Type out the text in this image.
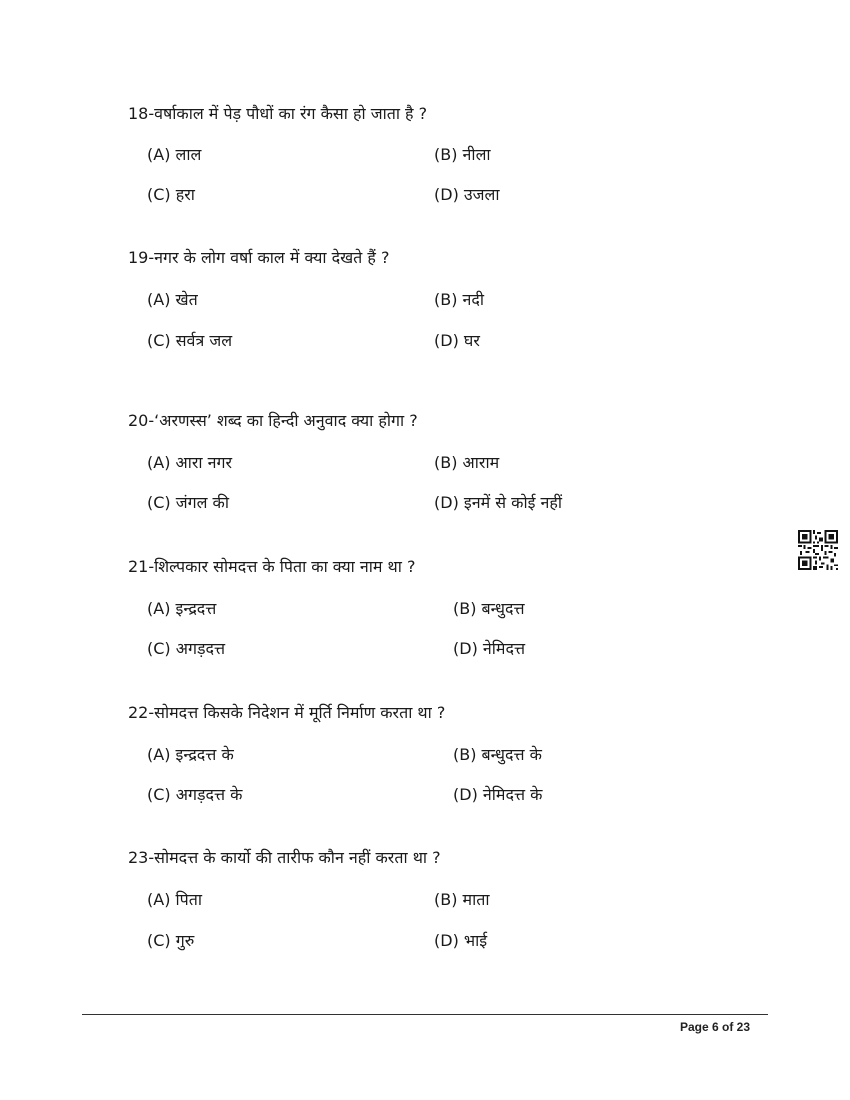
18-वर्षाकाल में पेड़ पौधों का रंग कैसा हो जाता है ?
(A) लाल	(B) नीला
(C) हरा	(D) उजला
19-नगर के लोग वर्षा काल में क्या देखते हैं ?
(A) खेत	(B) नदी
(C) सर्वत्र जल	(D) घर
20-‘अरणस्स’ शब्द का हिन्दी अनुवाद क्या होगा ?
(A) आरा नगर	(B) आराम
(C) जंगल की	(D) इनमें से कोई नहीं
21-शिल्पकार सोमदत्त के पिता का क्या नाम था ?
(A) इन्द्रदत्त	(B) बन्धुदत्त
(C) अगड़दत्त	(D) नेमिदत्त
22-सोमदत्त किसके निदेशन में मूर्ति निर्माण करता था ?
(A) इन्द्रदत्त के	(B) बन्धुदत्त के
(C) अगड़दत्त के	(D) नेमिदत्त के
23-सोमदत्त के कार्यो की तारीफ कौन नहीं करता था ?
(A) पिता	(B) माता
(C) गुरु	(D) भाई
Page 6 of 23
